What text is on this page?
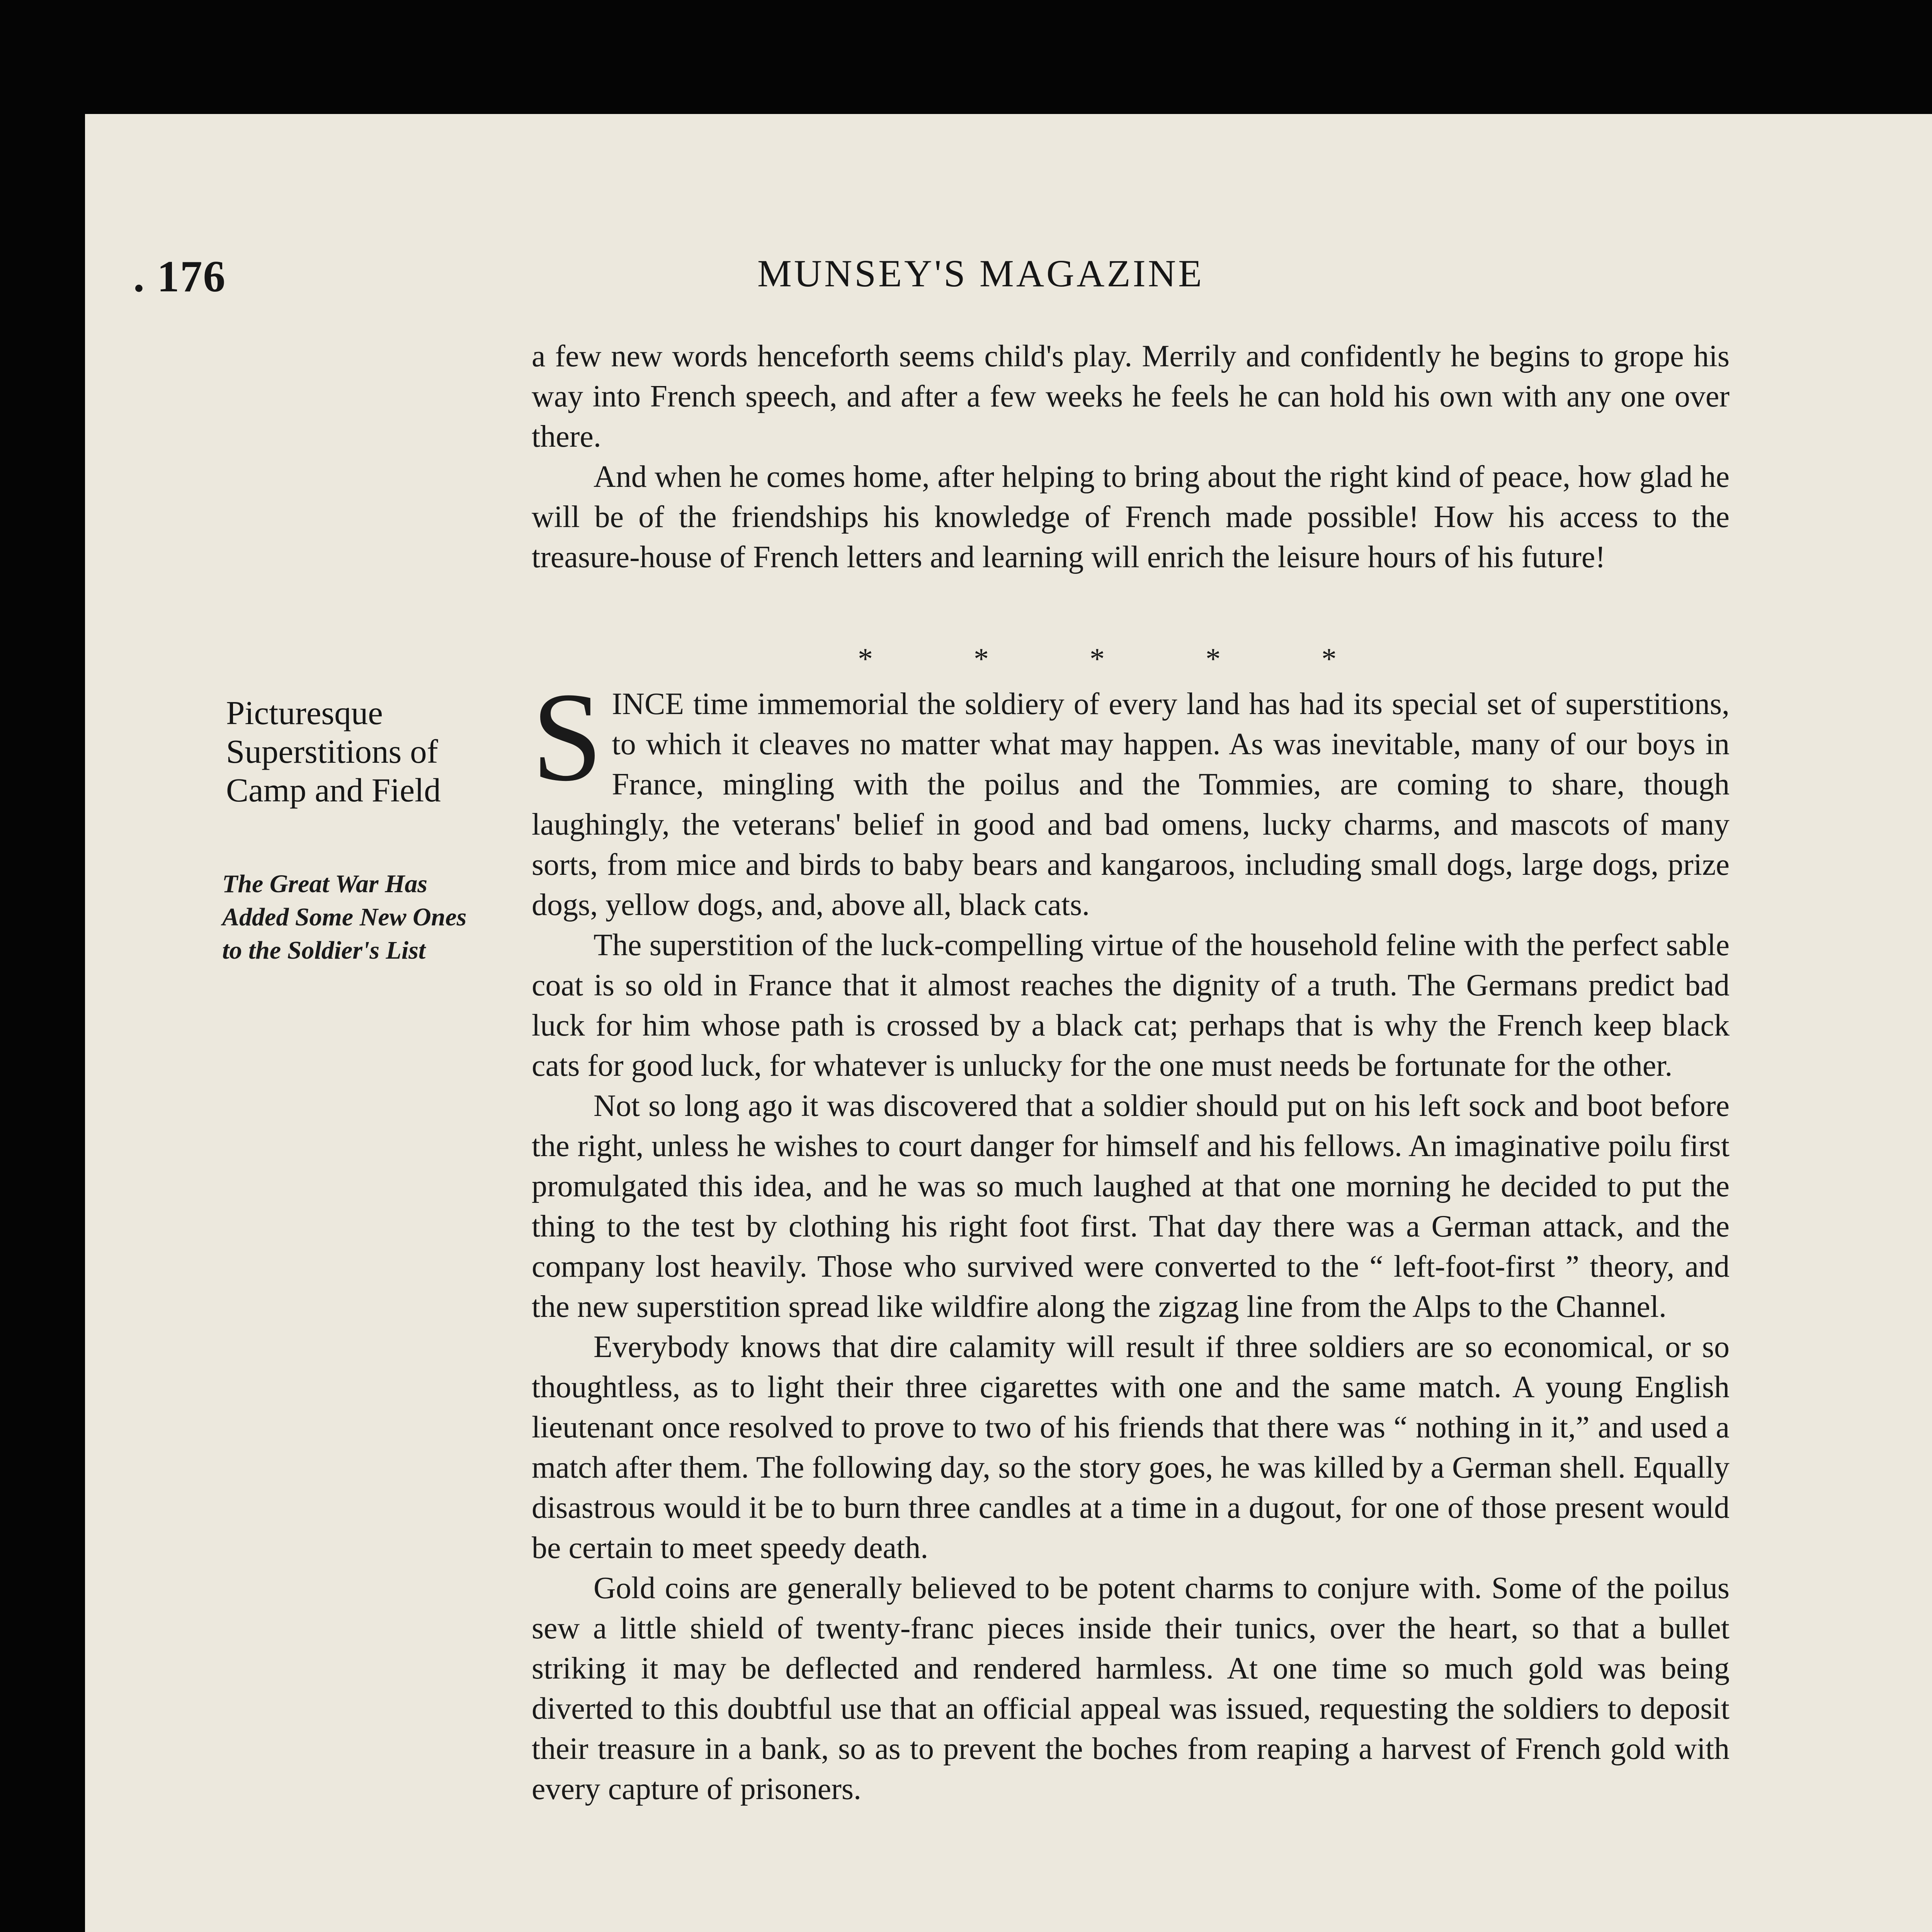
. 176	MUNSEY'S MAGAZINE

a few new words henceforth seems child's play. Merrily and confidently he begins to grope his way into French speech, and after a few weeks he feels he can hold his own with any one over there.

And when he comes home, after helping to bring about the right kind of peace, how glad he will be of the friendships his knowledge of French made possible! How his access to the treasure-house of French letters and learning will enrich the leisure hours of his future!

*	*	*	*	*
Picturesque Superstitions of Camp and Field
The Great War Has Added Some New Ones to the Soldier's List

SINCE time immemorial the soldiery of every land has had its special set of superstitions, to which it cleaves no matter what may happen. As was inevitable, many of our boys in France, mingling with the poilus and the Tommies, are coming to share, though laughingly, the veterans' belief in good and bad omens, lucky charms, and mascots of many sorts, from mice and birds to baby bears and kangaroos, including small dogs, large dogs, prize dogs, yellow dogs, and, above all, black cats.

The superstition of the luck-compelling virtue of the household feline with the perfect sable coat is so old in France that it almost reaches the dignity of a truth. The Germans predict bad luck for him whose path is crossed by a black cat; perhaps that is why the French keep black cats for good luck, for whatever is unlucky for the one must needs be fortunate for the other.

Not so long ago it was discovered that a soldier should put on his left sock and boot before the right, unless he wishes to court danger for himself and his fellows. An imaginative poilu first promulgated this idea, and he was so much laughed at that one morning he decided to put the thing to the test by clothing his right foot first. That day there was a German attack, and the company lost heavily. Those who survived were converted to the “ left-foot-first ” theory, and the new superstition spread like wildfire along the zigzag line from the Alps to the Channel.

Everybody knows that dire calamity will result if three soldiers are so economical, or so thoughtless, as to light their three cigarettes with one and the same match. A young English lieutenant once resolved to prove to two of his friends that there was “ nothing in it,” and used a match after them. The following day, so the story goes, he was killed by a German shell. Equally disastrous would it be to burn three candles at a time in a dugout, for one of those present would be certain to meet speedy death.

Gold coins are generally believed to be potent charms to conjure with. Some of the poilus sew a little shield of twenty-franc pieces inside their tunics, over the heart, so that a bullet striking it may be deflected and rendered harmless. At one time so much gold was being diverted to this doubtful use that an official appeal was issued, requesting the soldiers to deposit their treasure in a bank, so as to prevent the boches from reaping a harvest of French gold with every capture of prisoners.
